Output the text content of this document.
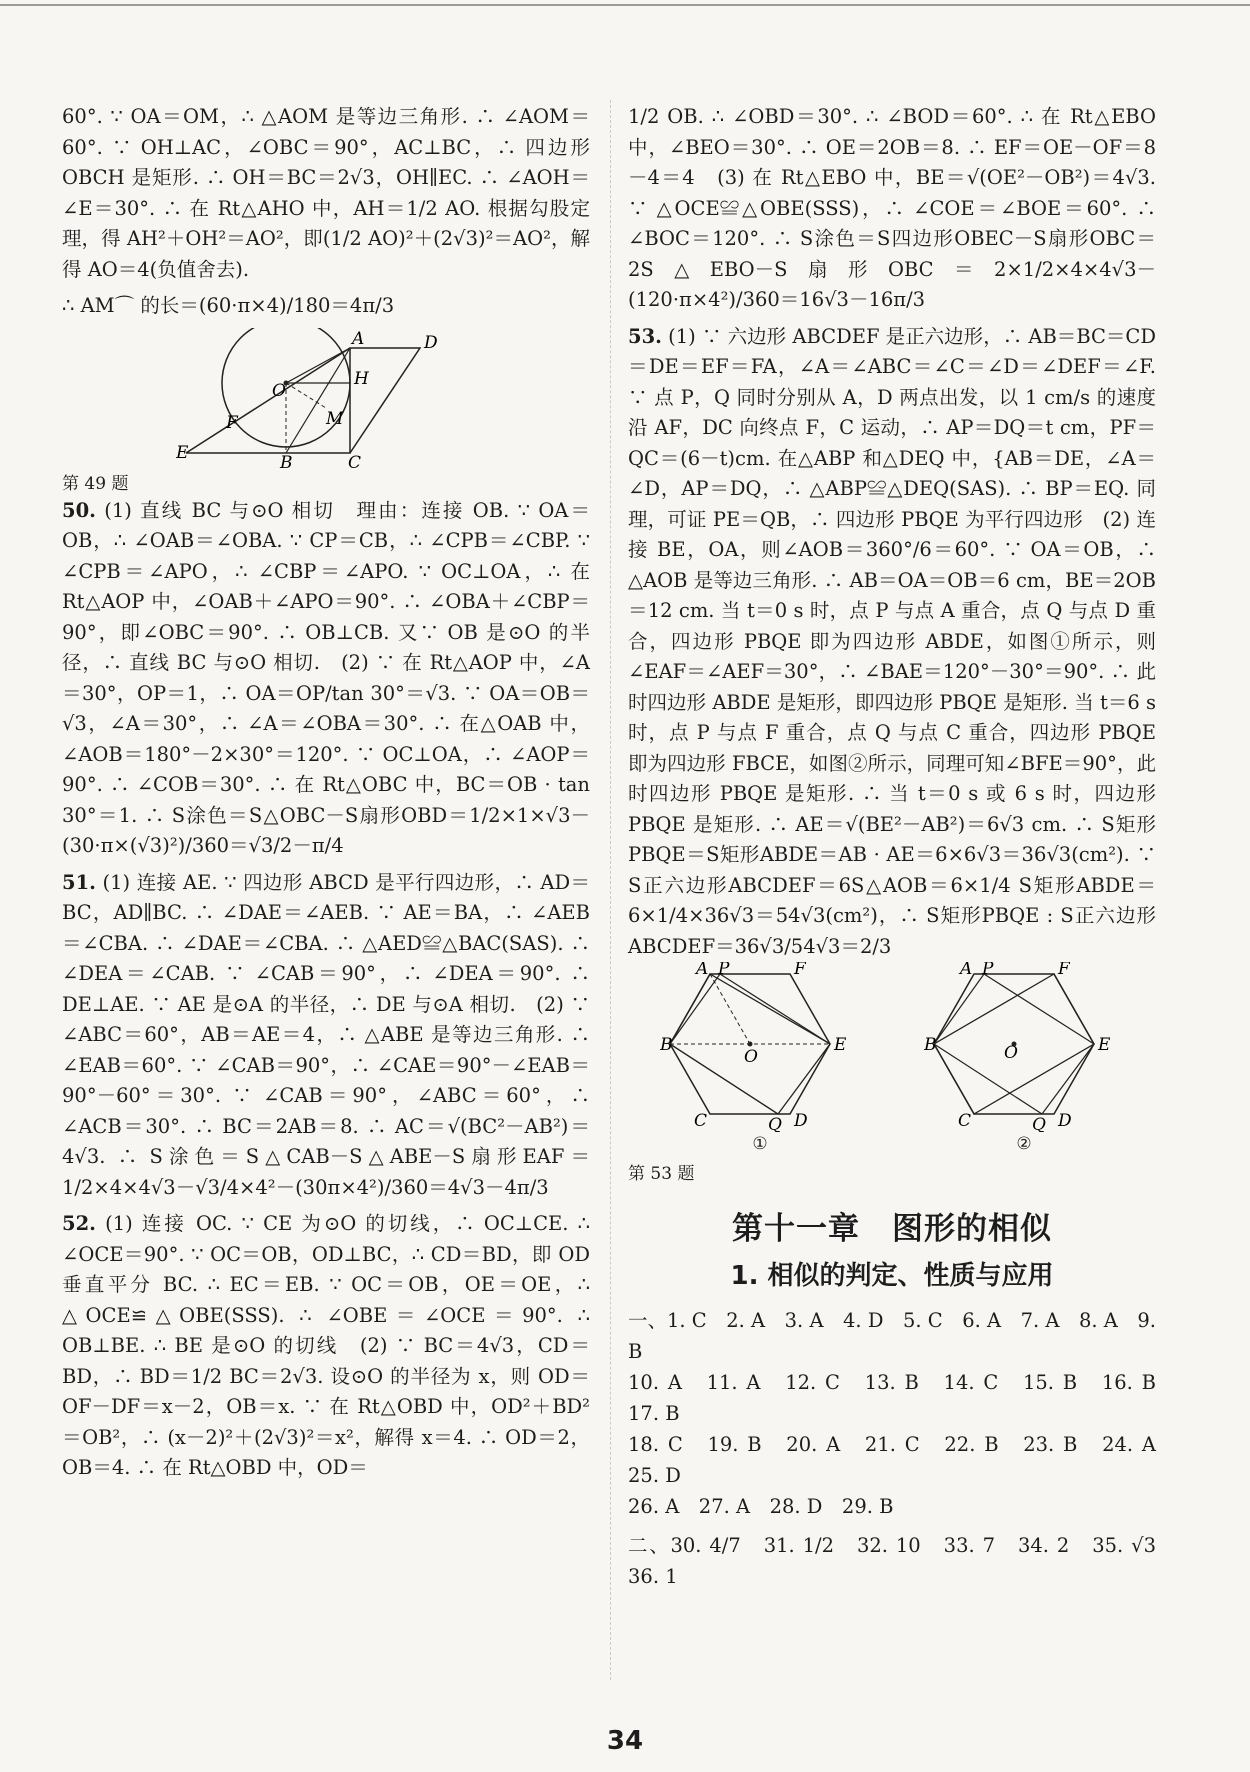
60°. ∵ OA＝OM，∴ △AOM 是等边三角形. ∴ ∠AOM＝60°. ∵ OH⊥AC，∠OBC＝90°，AC⊥BC，∴ 四边形 OBCH 是矩形. ∴ OH＝BC＝2√3，OH∥EC. ∴ ∠AOH＝∠E＝30°. ∴ 在 Rt△AHO 中，AH＝1/2 AO. 根据勾股定理，得 AH²＋OH²＝AO²，即(1/2 AO)²＋(2√3)²＝AO²，解得 AO＝4(负值舍去).

∴ AM⌒ 的长＝(60·π×4)/180＝4π/3

A	D
H
O
F	M
E	B	C

第 49 题

50. (1) 直线 BC 与⊙O 相切　理由：连接 OB. ∵ OA＝OB，∴ ∠OAB＝∠OBA. ∵ CP＝CB，∴ ∠CPB＝∠CBP. ∵ ∠CPB＝∠APO，∴ ∠CBP＝∠APO. ∵ OC⊥OA，∴ 在 Rt△AOP 中，∠OAB＋∠APO＝90°. ∴ ∠OBA＋∠CBP＝90°，即∠OBC＝90°. ∴ OB⊥CB. 又∵ OB 是⊙O 的半径，∴ 直线 BC 与⊙O 相切.　(2) ∵ 在 Rt△AOP 中，∠A＝30°，OP＝1，∴ OA＝OP/tan 30°＝√3. ∵ OA＝OB＝√3，∠A＝30°，∴ ∠A＝∠OBA＝30°. ∴ 在△OAB 中，∠AOB＝180°－2×30°＝120°. ∵ OC⊥OA，∴ ∠AOP＝90°. ∴ ∠COB＝30°. ∴ 在 Rt△OBC 中，BC＝OB · tan 30°＝1. ∴ S涂色＝S△OBC－S扇形OBD＝1/2×1×√3－(30·π×(√3)²)/360＝√3/2－π/4

51. (1) 连接 AE. ∵ 四边形 ABCD 是平行四边形，∴ AD＝BC，AD∥BC. ∴ ∠DAE＝∠AEB. ∵ AE＝BA，∴ ∠AEB＝∠CBA. ∴ ∠DAE＝∠CBA. ∴ △AED≌△BAC(SAS). ∴ ∠DEA＝∠CAB. ∵ ∠CAB＝90°，∴ ∠DEA＝90°. ∴ DE⊥AE. ∵ AE 是⊙A 的半径，∴ DE 与⊙A 相切.　(2) ∵ ∠ABC＝60°，AB＝AE＝4，∴ △ABE 是等边三角形. ∴ ∠EAB＝60°. ∵ ∠CAB＝90°，∴ ∠CAE＝90°－∠EAB＝90°－60°＝30°. ∵ ∠CAB＝90°，∠ABC＝60°，∴ ∠ACB＝30°. ∴ BC＝2AB＝8. ∴ AC＝√(BC²－AB²)＝4√3. ∴ S涂色＝S△CAB－S△ABE－S扇形EAF＝1/2×4×4√3－√3/4×4²－(30π×4²)/360＝4√3－4π/3

52. (1) 连接 OC. ∵ CE 为⊙O 的切线，∴ OC⊥CE. ∴ ∠OCE＝90°. ∵ OC＝OB，OD⊥BC，∴ CD＝BD，即 OD 垂直平分 BC. ∴ EC＝EB. ∵ OC＝OB，OE＝OE，∴ △OCE≌△OBE(SSS). ∴ ∠OBE＝∠OCE＝90°. ∴ OB⊥BE. ∴ BE 是⊙O 的切线　(2) ∵ BC＝4√3，CD＝BD，∴ BD＝1/2 BC＝2√3. 设⊙O 的半径为 x，则 OD＝OF－DF＝x－2，OB＝x. ∵ 在 Rt△OBD 中，OD²＋BD²＝OB²，∴ (x－2)²＋(2√3)²＝x²，解得 x＝4. ∴ OD＝2，OB＝4. ∴ 在 Rt△OBD 中，OD＝

1/2 OB. ∴ ∠OBD＝30°. ∴ ∠BOD＝60°. ∴ 在 Rt△EBO 中，∠BEO＝30°. ∴ OE＝2OB＝8. ∴ EF＝OE－OF＝8－4＝4　(3) 在 Rt△EBO 中，BE＝√(OE²－OB²)＝4√3. ∵ △OCE≌△OBE(SSS)，∴ ∠COE＝∠BOE＝60°. ∴ ∠BOC＝120°. ∴ S涂色＝S四边形OBEC－S扇形OBC＝2S△EBO－S扇形OBC＝2×1/2×4×4√3－(120·π×4²)/360＝16√3－16π/3

53. (1) ∵ 六边形 ABCDEF 是正六边形，∴ AB＝BC＝CD＝DE＝EF＝FA，∠A＝∠ABC＝∠C＝∠D＝∠DEF＝∠F. ∵ 点 P，Q 同时分别从 A，D 两点出发，以 1 cm/s 的速度沿 AF，DC 向终点 F，C 运动，∴ AP＝DQ＝t cm，PF＝QC＝(6－t)cm. 在△ABP 和△DEQ 中，{AB＝DE，∠A＝∠D，AP＝DQ，∴ △ABP≌△DEQ(SAS). ∴ BP＝EQ. 同理，可证 PE＝QB，∴ 四边形 PBQE 为平行四边形　(2) 连接 BE，OA，则∠AOB＝360°/6＝60°. ∵ OA＝OB，∴ △AOB 是等边三角形. ∴ AB＝OA＝OB＝6 cm，BE＝2OB＝12 cm. 当 t＝0 s 时，点 P 与点 A 重合，点 Q 与点 D 重合，四边形 PBQE 即为四边形 ABDE，如图①所示，则∠EAF＝∠AEF＝30°，∴ ∠BAE＝120°－30°＝90°. ∴ 此时四边形 ABDE 是矩形，即四边形 PBQE 是矩形. 当 t＝6 s 时，点 P 与点 F 重合，点 Q 与点 C 重合，四边形 PBQE 即为四边形 FBCE，如图②所示，同理可知∠BFE＝90°，此时四边形 PBQE 是矩形. ∴ 当 t＝0 s 或 6 s 时，四边形 PBQE 是矩形. ∴ AE＝√(BE²－AB²)＝6√3 cm. ∴ S矩形PBQE＝S矩形ABDE＝AB · AE＝6×6√3＝36√3(cm²). ∵ S正六边形ABCDEF＝6S△AOB＝6×1/4 S矩形ABDE＝6×1/4×36√3＝54√3(cm²)，∴ S矩形PBQE : S正六边形ABCDEF＝36√3/54√3＝2/3

A P	F
B
O
E
C	Q D
①
A P	F
B	O	E
C	Q D
②

第 53 题

第十一章　图形的相似
1. 相似的判定、性质与应用

一、1. C　2. A　3. A　4. D　5. C　6. A　7. A　8. A　9. B

10. A　11. A　12. C　13. B　14. C　15. B　16. B　17. B

18. C　19. B　20. A　21. C　22. B　23. B　24. A　25. D

26. A　27. A　28. D　29. B

二、30. 4/7　31. 1/2　32. 10　33. 7　34. 2　35. √3　36. 1

34
